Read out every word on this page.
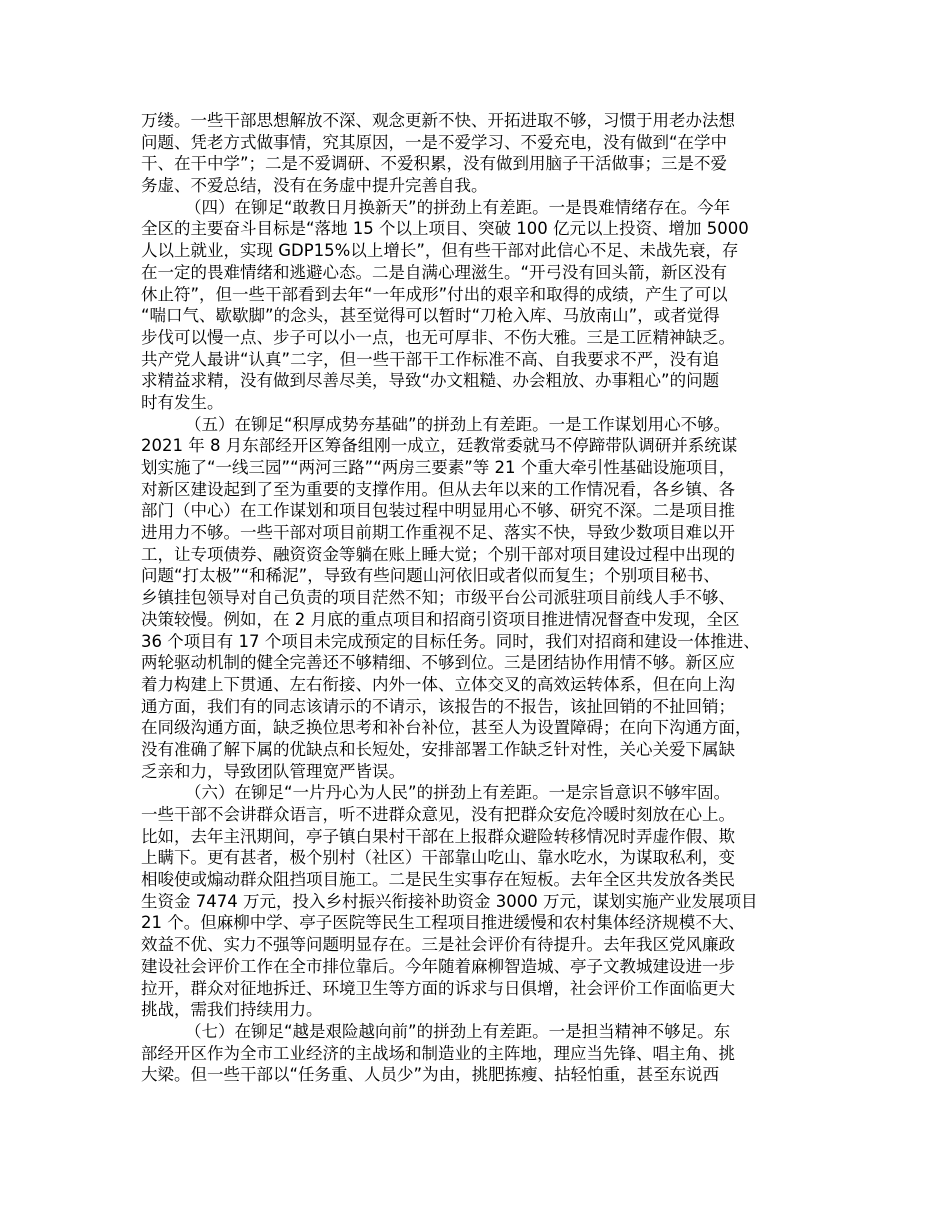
万缕。一些干部思想解放不深、观念更新不快、开拓进取不够，习惯于用老办法想
问题、凭老方式做事情，究其原因，一是不爱学习、不爱充电，没有做到“在学中
干、在干中学”；二是不爱调研、不爱积累，没有做到用脑子干活做事；三是不爱
务虚、不爱总结，没有在务虚中提升完善自我。
（四）在铆足“敢教日月换新天”的拼劲上有差距。一是畏难情绪存在。今年
全区的主要奋斗目标是“落地 15 个以上项目、突破 100 亿元以上投资、增加 5000
人以上就业，实现 GDP15%以上增长”，但有些干部对此信心不足、未战先衰，存
在一定的畏难情绪和逃避心态。二是自满心理滋生。“开弓没有回头箭，新区没有
休止符”，但一些干部看到去年“一年成形”付出的艰辛和取得的成绩，产生了可以
“喘口气、歇歇脚”的念头，甚至觉得可以暂时“刀枪入库、马放南山”，或者觉得
步伐可以慢一点、步子可以小一点，也无可厚非、不伤大雅。三是工匠精神缺乏。
共产党人最讲“认真”二字，但一些干部干工作标准不高、自我要求不严，没有追
求精益求精，没有做到尽善尽美，导致“办文粗糙、办会粗放、办事粗心”的问题
时有发生。
（五）在铆足“积厚成势夯基础”的拼劲上有差距。一是工作谋划用心不够。
2021 年 8 月东部经开区筹备组刚一成立，廷教常委就马不停蹄带队调研并系统谋
划实施了“一线三园”“两河三路”“两房三要素”等 21 个重大牵引性基础设施项目，
对新区建设起到了至为重要的支撑作用。但从去年以来的工作情况看，各乡镇、各
部门（中心）在工作谋划和项目包装过程中明显用心不够、研究不深。二是项目推
进用力不够。一些干部对项目前期工作重视不足、落实不快，导致少数项目难以开
工，让专项债券、融资资金等躺在账上睡大觉；个别干部对项目建设过程中出现的
问题“打太极”“和稀泥”，导致有些问题山河依旧或者似而复生；个别项目秘书、
乡镇挂包领导对自己负责的项目茫然不知；市级平台公司派驻项目前线人手不够、
决策较慢。例如，在 2 月底的重点项目和招商引资项目推进情况督查中发现，全区
36 个项目有 17 个项目未完成预定的目标任务。同时，我们对招商和建设一体推进、
两轮驱动机制的健全完善还不够精细、不够到位。三是团结协作用情不够。新区应
着力构建上下贯通、左右衔接、内外一体、立体交叉的高效运转体系，但在向上沟
通方面，我们有的同志该请示的不请示，该报告的不报告，该扯回销的不扯回销；
在同级沟通方面，缺乏换位思考和补台补位，甚至人为设置障碍；在向下沟通方面，
没有准确了解下属的优缺点和长短处，安排部署工作缺乏针对性，关心关爱下属缺
乏亲和力，导致团队管理宽严皆误。
（六）在铆足“一片丹心为人民”的拼劲上有差距。一是宗旨意识不够牢固。
一些干部不会讲群众语言，听不进群众意见，没有把群众安危冷暖时刻放在心上。
比如，去年主汛期间，亭子镇白果村干部在上报群众避险转移情况时弄虚作假、欺
上瞒下。更有甚者，极个别村（社区）干部靠山吃山、靠水吃水，为谋取私利，变
相唆使或煽动群众阻挡项目施工。二是民生实事存在短板。去年全区共发放各类民
生资金 7474 万元，投入乡村振兴衔接补助资金 3000 万元，谋划实施产业发展项目
21 个。但麻柳中学、亭子医院等民生工程项目推进缓慢和农村集体经济规模不大、
效益不优、实力不强等问题明显存在。三是社会评价有待提升。去年我区党风廉政
建设社会评价工作在全市排位靠后。今年随着麻柳智造城、亭子文教城建设进一步
拉开，群众对征地拆迁、环境卫生等方面的诉求与日俱增，社会评价工作面临更大
挑战，需我们持续用力。
（七）在铆足“越是艰险越向前”的拼劲上有差距。一是担当精神不够足。东
部经开区作为全市工业经济的主战场和制造业的主阵地，理应当先锋、唱主角、挑
大梁。但一些干部以“任务重、人员少”为由，挑肥拣瘦、拈轻怕重，甚至东说西
